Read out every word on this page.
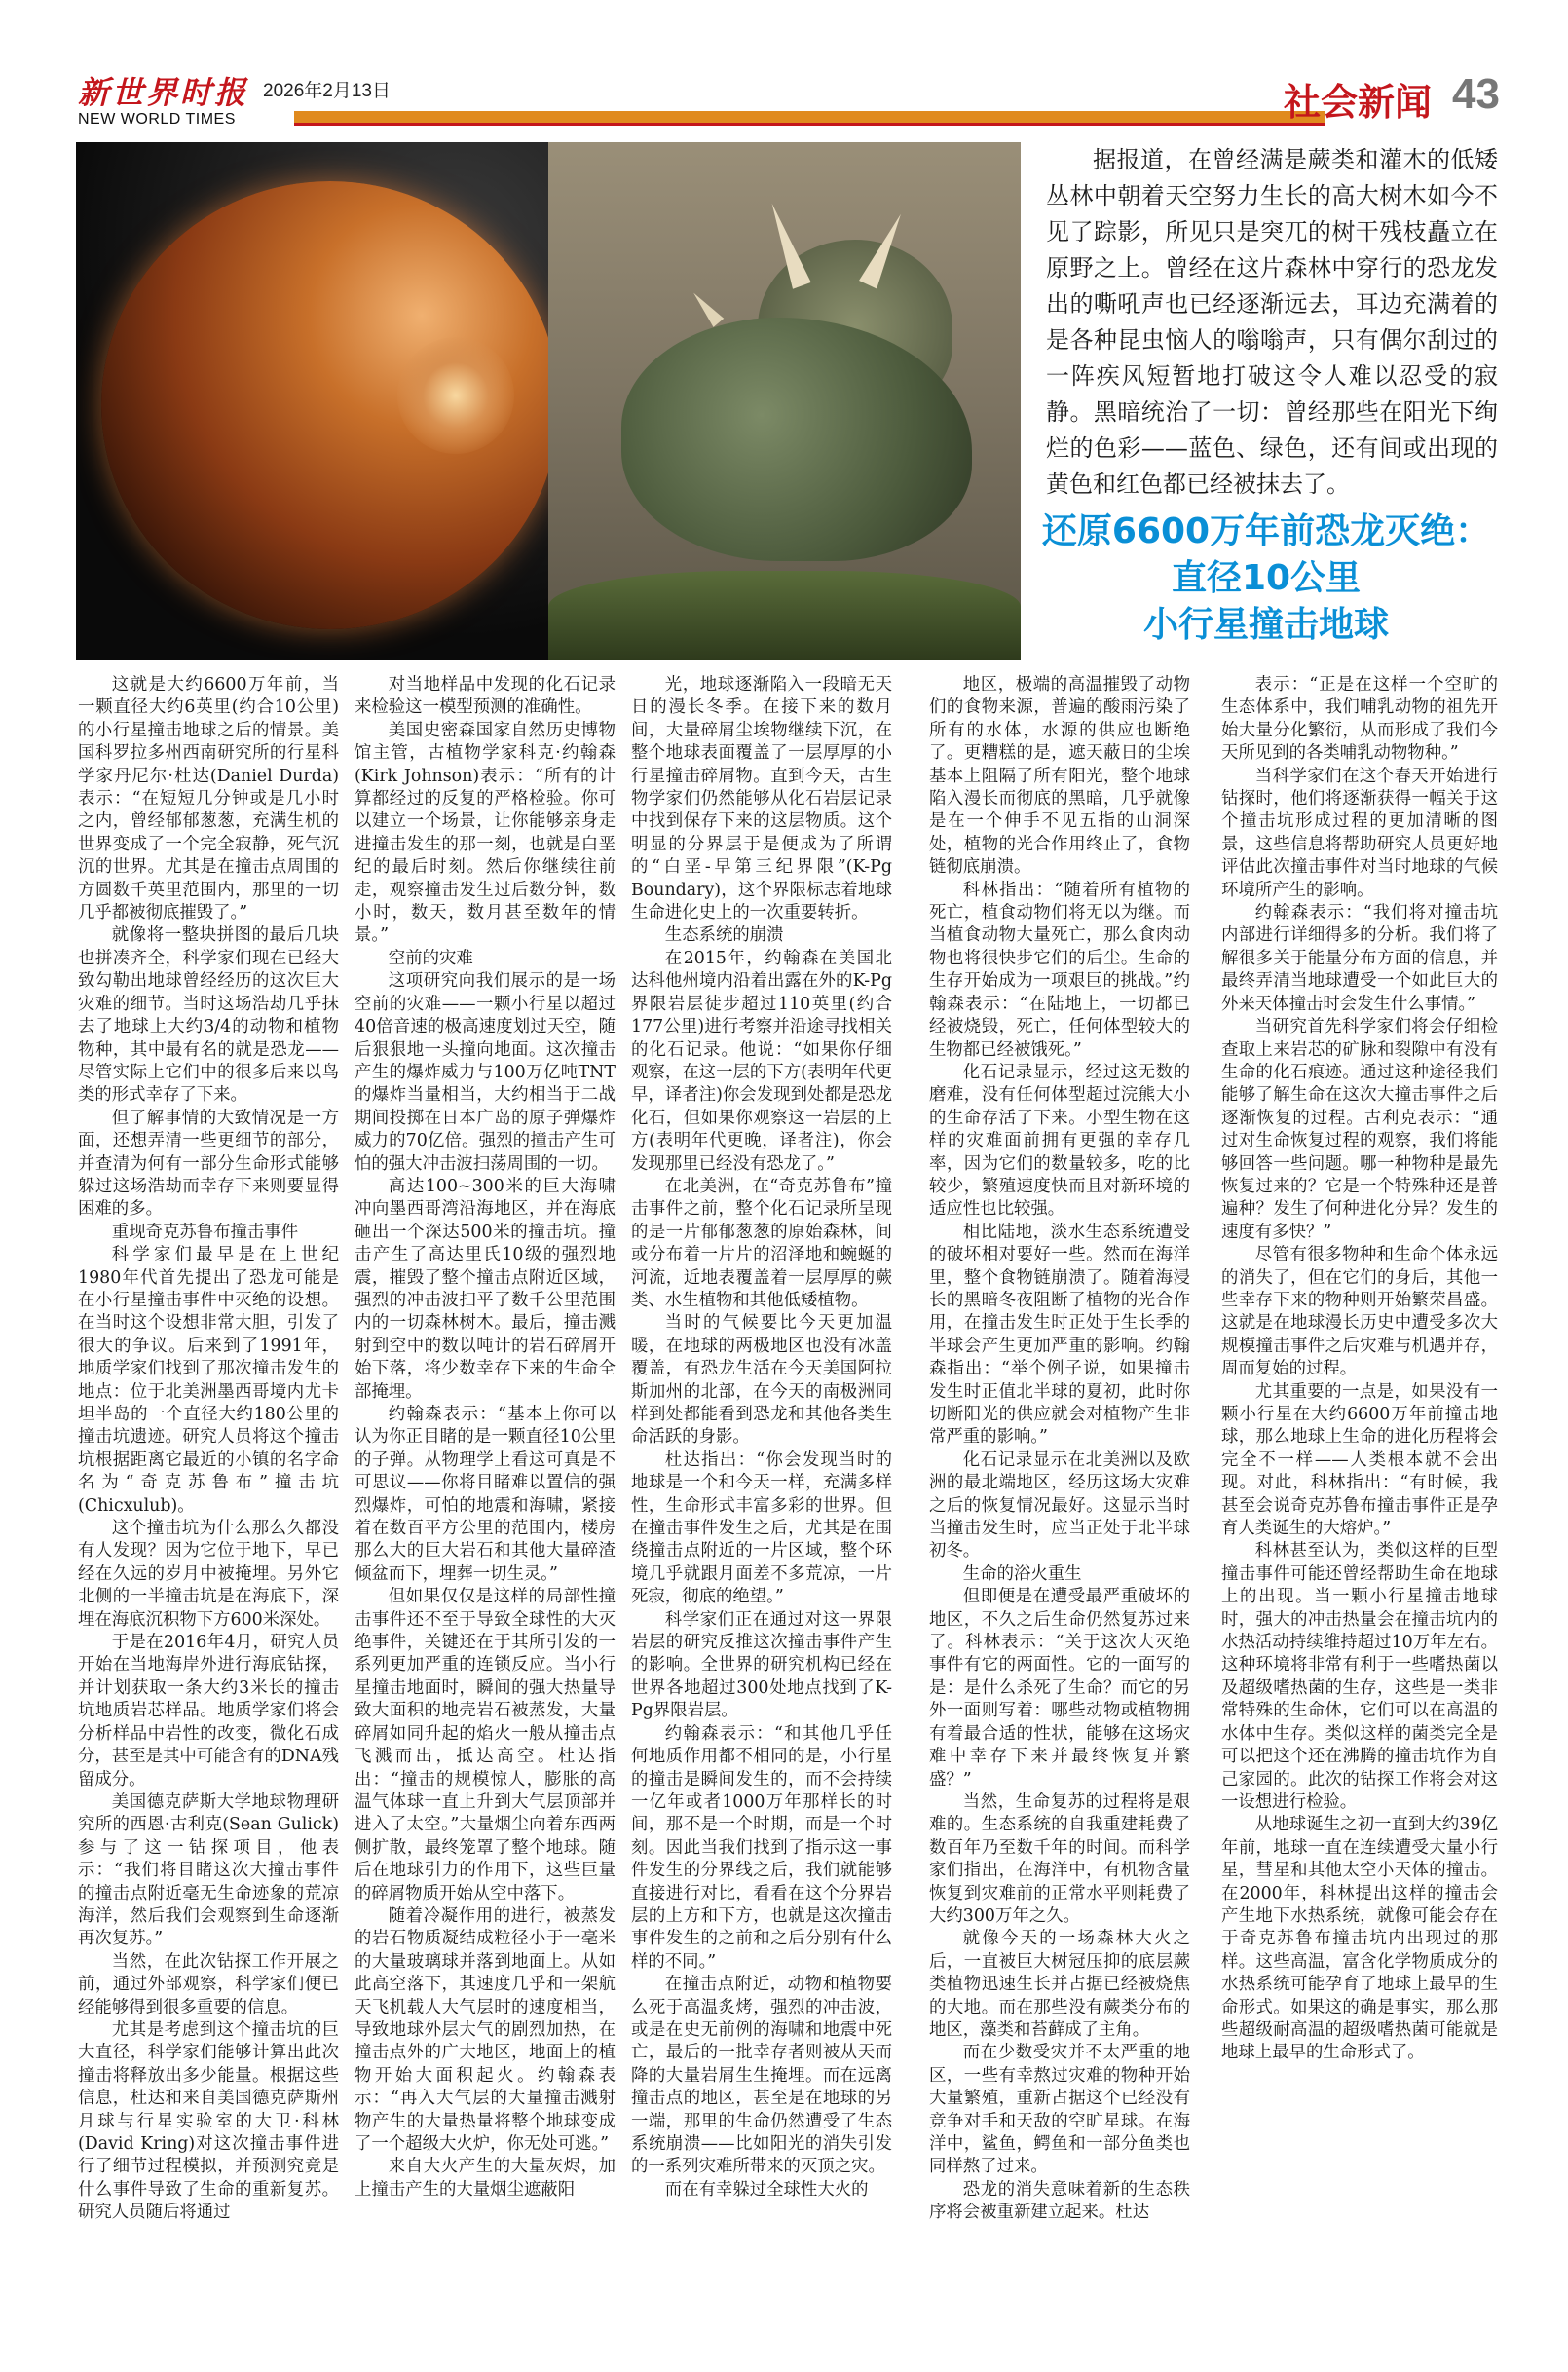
新世界时报 2026年2月13日
NEW WORLD TIMES	社会新闻 43

据报道，在曾经满是蕨类和灌木的低矮丛林中朝着天空努力生长的高大树木如今不见了踪影，所见只是突兀的树干残枝矗立在原野之上。曾经在这片森林中穿行的恐龙发出的嘶吼声也已经逐渐远去，耳边充满着的是各种昆虫恼人的嗡嗡声，只有偶尔刮过的一阵疾风短暂地打破这令人难以忍受的寂静。黑暗统治了一切：曾经那些在阳光下绚烂的色彩——蓝色、绿色，还有间或出现的黄色和红色都已经被抹去了。

还原6600万年前恐龙灭绝：
直径10公里
小行星撞击地球

这就是大约6600万年前，当一颗直径大约6英里(约合10公里)的小行星撞击地球之后的情景。美国科罗拉多州西南研究所的行星科学家丹尼尔·杜达(Daniel Durda)表示：“在短短几分钟或是几小时之内，曾经郁郁葱葱，充满生机的世界变成了一个完全寂静，死气沉沉的世界。尤其是在撞击点周围的方圆数千英里范围内，那里的一切几乎都被彻底摧毁了。”

就像将一整块拼图的最后几块也拼凑齐全，科学家们现在已经大致勾勒出地球曾经经历的这次巨大灾难的细节。当时这场浩劫几乎抹去了地球上大约3/4的动物和植物物种，其中最有名的就是恐龙——尽管实际上它们中的很多后来以鸟类的形式幸存了下来。

但了解事情的大致情况是一方面，还想弄清一些更细节的部分，并查清为何有一部分生命形式能够躲过这场浩劫而幸存下来则要显得困难的多。

重现奇克苏鲁布撞击事件

科学家们最早是在上世纪1980年代首先提出了恐龙可能是在小行星撞击事件中灭绝的设想。在当时这个设想非常大胆，引发了很大的争议。后来到了1991年，地质学家们找到了那次撞击发生的地点：位于北美洲墨西哥境内尤卡坦半岛的一个直径大约180公里的撞击坑遗迹。研究人员将这个撞击坑根据距离它最近的小镇的名字命名为“奇克苏鲁布”撞击坑(Chicxulub)。

这个撞击坑为什么那么久都没有人发现？因为它位于地下，早已经在久远的岁月中被掩埋。另外它北侧的一半撞击坑是在海底下，深埋在海底沉积物下方600米深处。

于是在2016年4月，研究人员开始在当地海岸外进行海底钻探，并计划获取一条大约3米长的撞击坑地质岩芯样品。地质学家们将会分析样品中岩性的改变，微化石成分，甚至是其中可能含有的DNA残留成分。

美国德克萨斯大学地球物理研究所的西恩·古利克(Sean Gulick)参与了这一钻探项目，他表示：“我们将目睹这次大撞击事件的撞击点附近毫无生命迹象的荒凉海洋，然后我们会观察到生命逐渐再次复苏。”

当然，在此次钻探工作开展之前，通过外部观察，科学家们便已经能够得到很多重要的信息。

尤其是考虑到这个撞击坑的巨大直径，科学家们能够计算出此次撞击将释放出多少能量。根据这些信息，杜达和来自美国德克萨斯州月球与行星实验室的大卫·科林(David Kring)对这次撞击事件进行了细节过程模拟，并预测究竟是什么事件导致了生命的重新复苏。研究人员随后将通过

对当地样品中发现的化石记录来检验这一模型预测的准确性。

美国史密森国家自然历史博物馆主管，古植物学家科克·约翰森(Kirk Johnson)表示：“所有的计算都经过的反复的严格检验。你可以建立一个场景，让你能够亲身走进撞击发生的那一刻，也就是白垩纪的最后时刻。然后你继续往前走，观察撞击发生过后数分钟，数小时，数天，数月甚至数年的情景。”

空前的灾难

这项研究向我们展示的是一场空前的灾难——一颗小行星以超过40倍音速的极高速度划过天空，随后狠狠地一头撞向地面。这次撞击产生的爆炸威力与100万亿吨TNT的爆炸当量相当，大约相当于二战期间投掷在日本广岛的原子弹爆炸威力的70亿倍。强烈的撞击产生可怕的强大冲击波扫荡周围的一切。

高达100~300米的巨大海啸冲向墨西哥湾沿海地区，并在海底砸出一个深达500米的撞击坑。撞击产生了高达里氏10级的强烈地震，摧毁了整个撞击点附近区域，强烈的冲击波扫平了数千公里范围内的一切森林树木。最后，撞击溅射到空中的数以吨计的岩石碎屑开始下落，将少数幸存下来的生命全部掩埋。

约翰森表示：“基本上你可以认为你正目睹的是一颗直径10公里的子弹。从物理学上看这可真是不可思议——你将目睹难以置信的强烈爆炸，可怕的地震和海啸，紧接着在数百平方公里的范围内，楼房那么大的巨大岩石和其他大量碎渣倾盆而下，埋葬一切生灵。”

但如果仅仅是这样的局部性撞击事件还不至于导致全球性的大灭绝事件，关键还在于其所引发的一系列更加严重的连锁反应。当小行星撞击地面时，瞬间的强大热量导致大面积的地壳岩石被蒸发，大量碎屑如同升起的焰火一般从撞击点飞溅而出，抵达高空。杜达指出：“撞击的规模惊人，膨胀的高温气体球一直上升到大气层顶部并进入了太空。”大量烟尘向着东西两侧扩散，最终笼罩了整个地球。随后在地球引力的作用下，这些巨量的碎屑物质开始从空中落下。

随着冷凝作用的进行，被蒸发的岩石物质凝结成粒径小于一毫米的大量玻璃球并落到地面上。从如此高空落下，其速度几乎和一架航天飞机载人大气层时的速度相当，导致地球外层大气的剧烈加热，在撞击点外的广大地区，地面上的植物开始大面积起火。约翰森表示：“再入大气层的大量撞击溅射物产生的大量热量将整个地球变成了一个超级大火炉，你无处可逃。”

来自大火产生的大量灰烬，加上撞击产生的大量烟尘遮蔽阳

光，地球逐渐陷入一段暗无天日的漫长冬季。在接下来的数月间，大量碎屑尘埃物继续下沉，在整个地球表面覆盖了一层厚厚的小行星撞击碎屑物。直到今天，古生物学家们仍然能够从化石岩层记录中找到保存下来的这层物质。这个明显的分界层于是便成为了所谓的“白垩-早第三纪界限”(K-Pg Boundary)，这个界限标志着地球生命进化史上的一次重要转折。

生态系统的崩溃

在2015年，约翰森在美国北达科他州境内沿着出露在外的K-Pg界限岩层徒步超过110英里(约合177公里)进行考察并沿途寻找相关的化石记录。他说：“如果你仔细观察，在这一层的下方(表明年代更早，译者注)你会发现到处都是恐龙化石，但如果你观察这一岩层的上方(表明年代更晚，译者注)，你会发现那里已经没有恐龙了。”

在北美洲，在“奇克苏鲁布”撞击事件之前，整个化石记录所呈现的是一片郁郁葱葱的原始森林，间或分布着一片片的沼泽地和蜿蜒的河流，近地表覆盖着一层厚厚的蕨类、水生植物和其他低矮植物。

当时的气候要比今天更加温暖，在地球的两极地区也没有冰盖覆盖，有恐龙生活在今天美国阿拉斯加州的北部，在今天的南极洲同样到处都能看到恐龙和其他各类生命活跃的身影。

杜达指出：“你会发现当时的地球是一个和今天一样，充满多样性，生命形式丰富多彩的世界。但在撞击事件发生之后，尤其是在围绕撞击点附近的一片区域，整个环境几乎就跟月面差不多荒凉，一片死寂，彻底的绝望。”

科学家们正在通过对这一界限岩层的研究反推这次撞击事件产生的影响。全世界的研究机构已经在世界各地超过300处地点找到了K-Pg界限岩层。

约翰森表示：“和其他几乎任何地质作用都不相同的是，小行星的撞击是瞬间发生的，而不会持续一亿年或者1000万年那样长的时间，那不是一个时期，而是一个时刻。因此当我们找到了指示这一事件发生的分界线之后，我们就能够直接进行对比，看看在这个分界岩层的上方和下方，也就是这次撞击事件发生的之前和之后分别有什么样的不同。”

在撞击点附近，动物和植物要么死于高温炙烤，强烈的冲击波，或是在史无前例的海啸和地震中死亡，最后的一批幸存者则被从天而降的大量岩屑生生掩埋。而在远离撞击点的地区，甚至是在地球的另一端，那里的生命仍然遭受了生态系统崩溃——比如阳光的消失引发的一系列灾难所带来的灭顶之灾。

而在有幸躲过全球性大火的

地区，极端的高温摧毁了动物们的食物来源，普遍的酸雨污染了所有的水体，水源的供应也断绝了。更糟糕的是，遮天蔽日的尘埃基本上阻隔了所有阳光，整个地球陷入漫长而彻底的黑暗，几乎就像是在一个伸手不见五指的山洞深处，植物的光合作用终止了，食物链彻底崩溃。

科林指出：“随着所有植物的死亡，植食动物们将无以为继。而当植食动物大量死亡，那么食肉动物也将很快步它们的后尘。生命的生存开始成为一项艰巨的挑战。”约翰森表示：“在陆地上，一切都已经被烧毁，死亡，任何体型较大的生物都已经被饿死。”

化石记录显示，经过这无数的磨难，没有任何体型超过浣熊大小的生命存活了下来。小型生物在这样的灾难面前拥有更强的幸存几率，因为它们的数量较多，吃的比较少，繁殖速度快而且对新环境的适应性也比较强。

相比陆地，淡水生态系统遭受的破坏相对要好一些。然而在海洋里，整个食物链崩溃了。随着海浸长的黑暗冬夜阻断了植物的光合作用，在撞击发生时正处于生长季的半球会产生更加严重的影响。约翰森指出：“举个例子说，如果撞击发生时正值北半球的夏初，此时你切断阳光的供应就会对植物产生非常严重的影响。”

化石记录显示在北美洲以及欧洲的最北端地区，经历这场大灾难之后的恢复情况最好。这显示当时当撞击发生时，应当正处于北半球初冬。

生命的浴火重生

但即便是在遭受最严重破坏的地区，不久之后生命仍然复苏过来了。科林表示：“关于这次大灭绝事件有它的两面性。它的一面写的是：是什么杀死了生命？而它的另外一面则写着：哪些动物或植物拥有着最合适的性状，能够在这场灾难中幸存下来并最终恢复并繁盛？”

当然，生命复苏的过程将是艰难的。生态系统的自我重建耗费了数百年乃至数千年的时间。而科学家们指出，在海洋中，有机物含量恢复到灾难前的正常水平则耗费了大约300万年之久。

就像今天的一场森林大火之后，一直被巨大树冠压抑的底层蕨类植物迅速生长并占据已经被烧焦的大地。而在那些没有蕨类分布的地区，藻类和苔藓成了主角。

而在少数受灾并不太严重的地区，一些有幸熬过灾难的物种开始大量繁殖，重新占据这个已经没有竞争对手和天敌的空旷星球。在海洋中，鲨鱼，鳄鱼和一部分鱼类也同样熬了过来。

恐龙的消失意味着新的生态秩序将会被重新建立起来。杜达

表示：“正是在这样一个空旷的生态体系中，我们哺乳动物的祖先开始大量分化繁衍，从而形成了我们今天所见到的各类哺乳动物物种。”

当科学家们在这个春天开始进行钻探时，他们将逐渐获得一幅关于这个撞击坑形成过程的更加清晰的图景，这些信息将帮助研究人员更好地评估此次撞击事件对当时地球的气候环境所产生的影响。

约翰森表示：“我们将对撞击坑内部进行详细得多的分析。我们将了解很多关于能量分布方面的信息，并最终弄清当地球遭受一个如此巨大的外来天体撞击时会发生什么事情。”

当研究首先科学家们将会仔细检查取上来岩芯的矿脉和裂隙中有没有生命的化石痕迹。通过这种途径我们能够了解生命在这次大撞击事件之后逐渐恢复的过程。古利克表示：“通过对生命恢复过程的观察，我们将能够回答一些问题。哪一种物种是最先恢复过来的？它是一个特殊种还是普遍种？发生了何种进化分异？发生的速度有多快？”

尽管有很多物种和生命个体永远的消失了，但在它们的身后，其他一些幸存下来的物种则开始繁荣昌盛。这就是在地球漫长历史中遭受多次大规模撞击事件之后灾难与机遇并存，周而复始的过程。

尤其重要的一点是，如果没有一颗小行星在大约6600万年前撞击地球，那么地球上生命的进化历程将会完全不一样——人类根本就不会出现。对此，科林指出：“有时候，我甚至会说奇克苏鲁布撞击事件正是孕育人类诞生的大熔炉。”

科林甚至认为，类似这样的巨型撞击事件可能还曾经帮助生命在地球上的出现。当一颗小行星撞击地球时，强大的冲击热量会在撞击坑内的水热活动持续维持超过10万年左右。这种环境将非常有利于一些嗜热菌以及超级嗜热菌的生存，这些是一类非常特殊的生命体，它们可以在高温的水体中生存。类似这样的菌类完全是可以把这个还在沸腾的撞击坑作为自己家园的。此次的钻探工作将会对这一设想进行检验。

从地球诞生之初一直到大约39亿年前，地球一直在连续遭受大量小行星，彗星和其他太空小天体的撞击。在2000年，科林提出这样的撞击会产生地下水热系统，就像可能会存在于奇克苏鲁布撞击坑内出现过的那样。这些高温，富含化学物质成分的水热系统可能孕育了地球上最早的生命形式。如果这的确是事实，那么那些超级耐高温的超级嗜热菌可能就是地球上最早的生命形式了。
